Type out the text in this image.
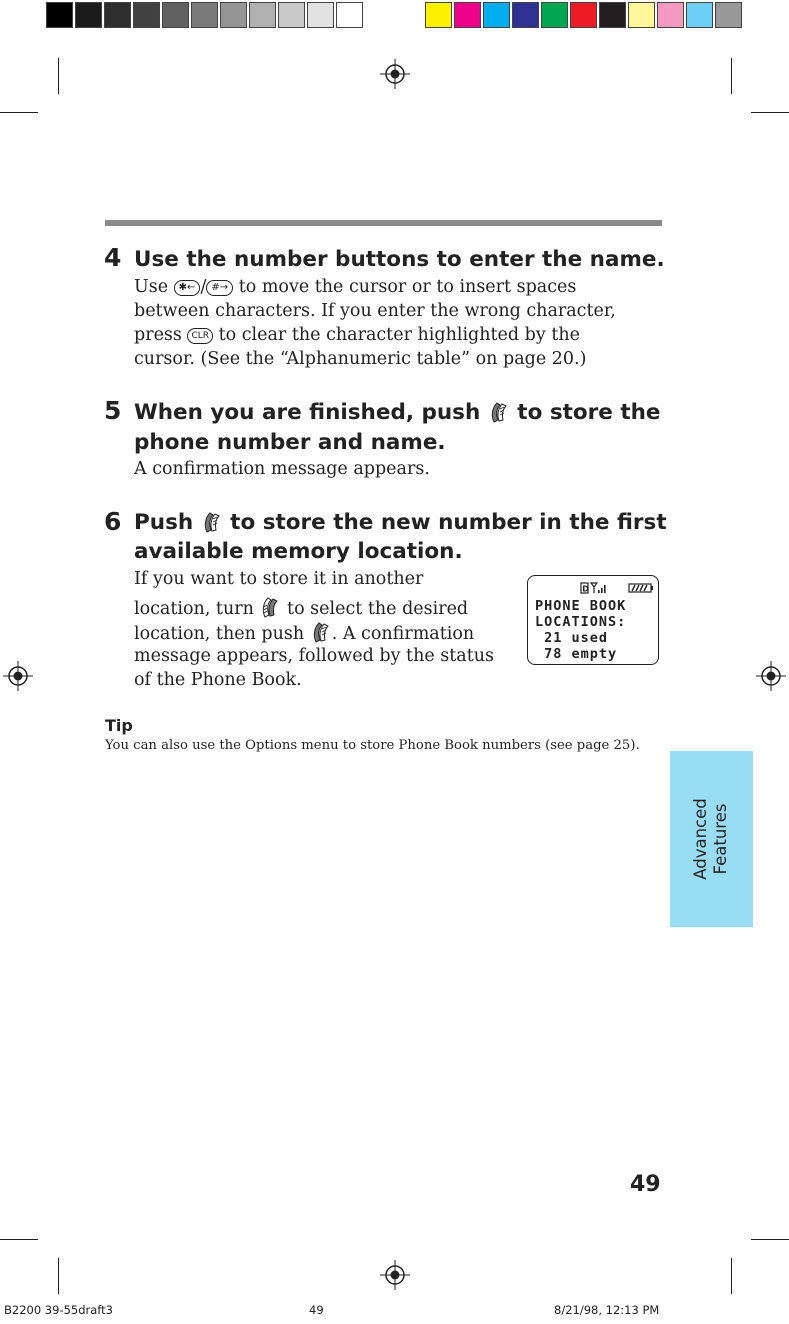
4 Use the number buttons to enter the name.
Use ✱← / #→ to move the cursor or to insert spaces
between characters. If you enter the wrong character,
press CLR to clear the character highlighted by the
cursor. (See the “Alphanumeric table” on page 20.)
5 When you are finished, push to store the
phone number and name.
A confirmation message appears.
6 Push to store the new number in the first
available memory location.
If you want to store it in another
location, turn to select the desired
location, then push . A confirmation
message appears, followed by the status
of the Phone Book.
D
PHONE BOOK
LOCATIONS:
21 used
78 empty
Tip
You can also use the Options menu to store Phone Book numbers (see page 25).
Advanced Features
49
B2200 39-55draft3	49	8/21/98, 12:13 PM
